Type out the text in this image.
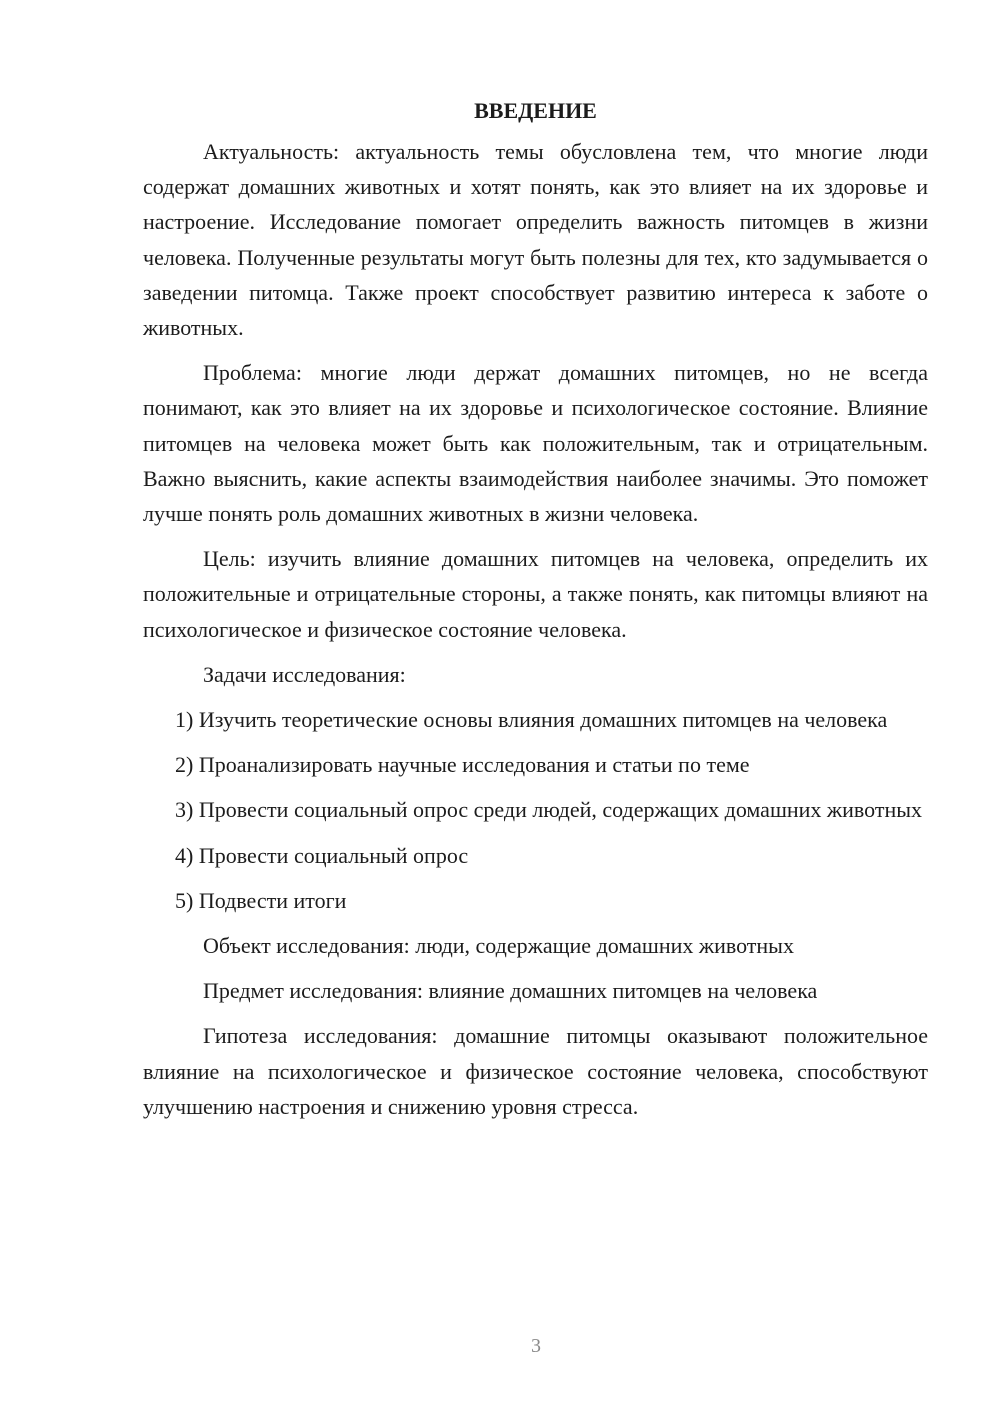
ВВЕДЕНИЕ

Актуальность: актуальность темы обусловлена тем, что многие люди содержат домашних животных и хотят понять, как это влияет на их здоровье и настроение. Исследование помогает определить важность питомцев в жизни человека. Полученные результаты могут быть полезны для тех, кто задумывается о заведении питомца. Также проект способствует развитию интереса к заботе о животных.

Проблема: многие люди держат домашних питомцев, но не всегда понимают, как это влияет на их здоровье и психологическое состояние. Влияние питомцев на человека может быть как положительным, так и отрицательным. Важно выяснить, какие аспекты взаимодействия наиболее значимы. Это поможет лучше понять роль домашних животных в жизни человека.

Цель: изучить влияние домашних питомцев на человека, определить их положительные и отрицательные стороны, а также понять, как питомцы влияют на психологическое и физическое состояние человека.

Задачи исследования:

1) Изучить теоретические основы влияния домашних питомцев на человека

2) Проанализировать научные исследования и статьи по теме

3) Провести социальный опрос среди людей, содержащих домашних животных

4) Провести социальный опрос

5) Подвести итоги

Объект исследования: люди, содержащие домашних животных

Предмет исследования: влияние домашних питомцев на человека

Гипотеза исследования: домашние питомцы оказывают положительное влияние на психологическое и физическое состояние человека, способствуют улучшению настроения и снижению уровня стресса.

3
